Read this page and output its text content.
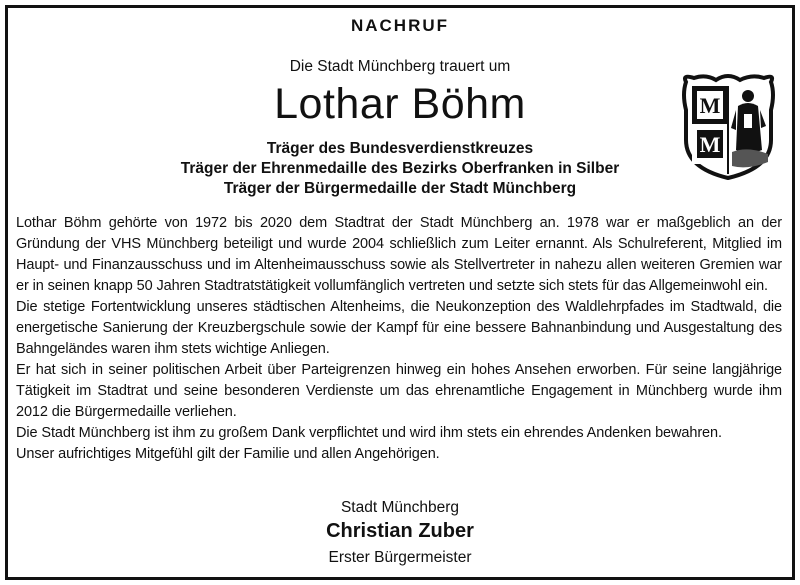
NACHRUF
Die Stadt Münchberg trauert um
Lothar Böhm
Träger des Bundesverdienstkreuzes
Träger der Ehrenmedaille des Bezirks Oberfranken in Silber
Träger der Bürgermedaille der Stadt Münchberg
M
M

Lothar Böhm gehörte von 1972 bis 2020 dem Stadtrat der Stadt Münchberg an. 1978 war er maßgeblich an der Gründung der VHS Münchberg beteiligt und wurde 2004 schließlich zum Leiter ernannt. Als Schulreferent, Mitglied im Haupt- und Finanzausschuss und im Altenheimausschuss sowie als Stellvertreter in nahezu allen weiteren Gremien war er in seinen knapp 50 Jahren Stadtratstätigkeit vollumfänglich vertreten und setzte sich stets für das Allgemeinwohl ein.

Die stetige Fortentwicklung unseres städtischen Altenheims, die Neukonzeption des Waldlehrpfades im Stadtwald, die energetische Sanierung der Kreuzbergschule sowie der Kampf für eine bessere Bahnanbindung und Ausgestaltung des Bahngeländes waren ihm stets wichtige Anliegen.

Er hat sich in seiner politischen Arbeit über Parteigrenzen hinweg ein hohes Ansehen erworben. Für seine langjährige Tätigkeit im Stadtrat und seine besonderen Verdienste um das ehrenamtliche Engagement in Münchberg wurde ihm 2012 die Bürgermedaille verliehen.

Die Stadt Münchberg ist ihm zu großem Dank verpflichtet und wird ihm stets ein ehrendes Andenken bewahren.

Unser aufrichtiges Mitgefühl gilt der Familie und allen Angehörigen.

Stadt Münchberg
Christian Zuber
Erster Bürgermeister
